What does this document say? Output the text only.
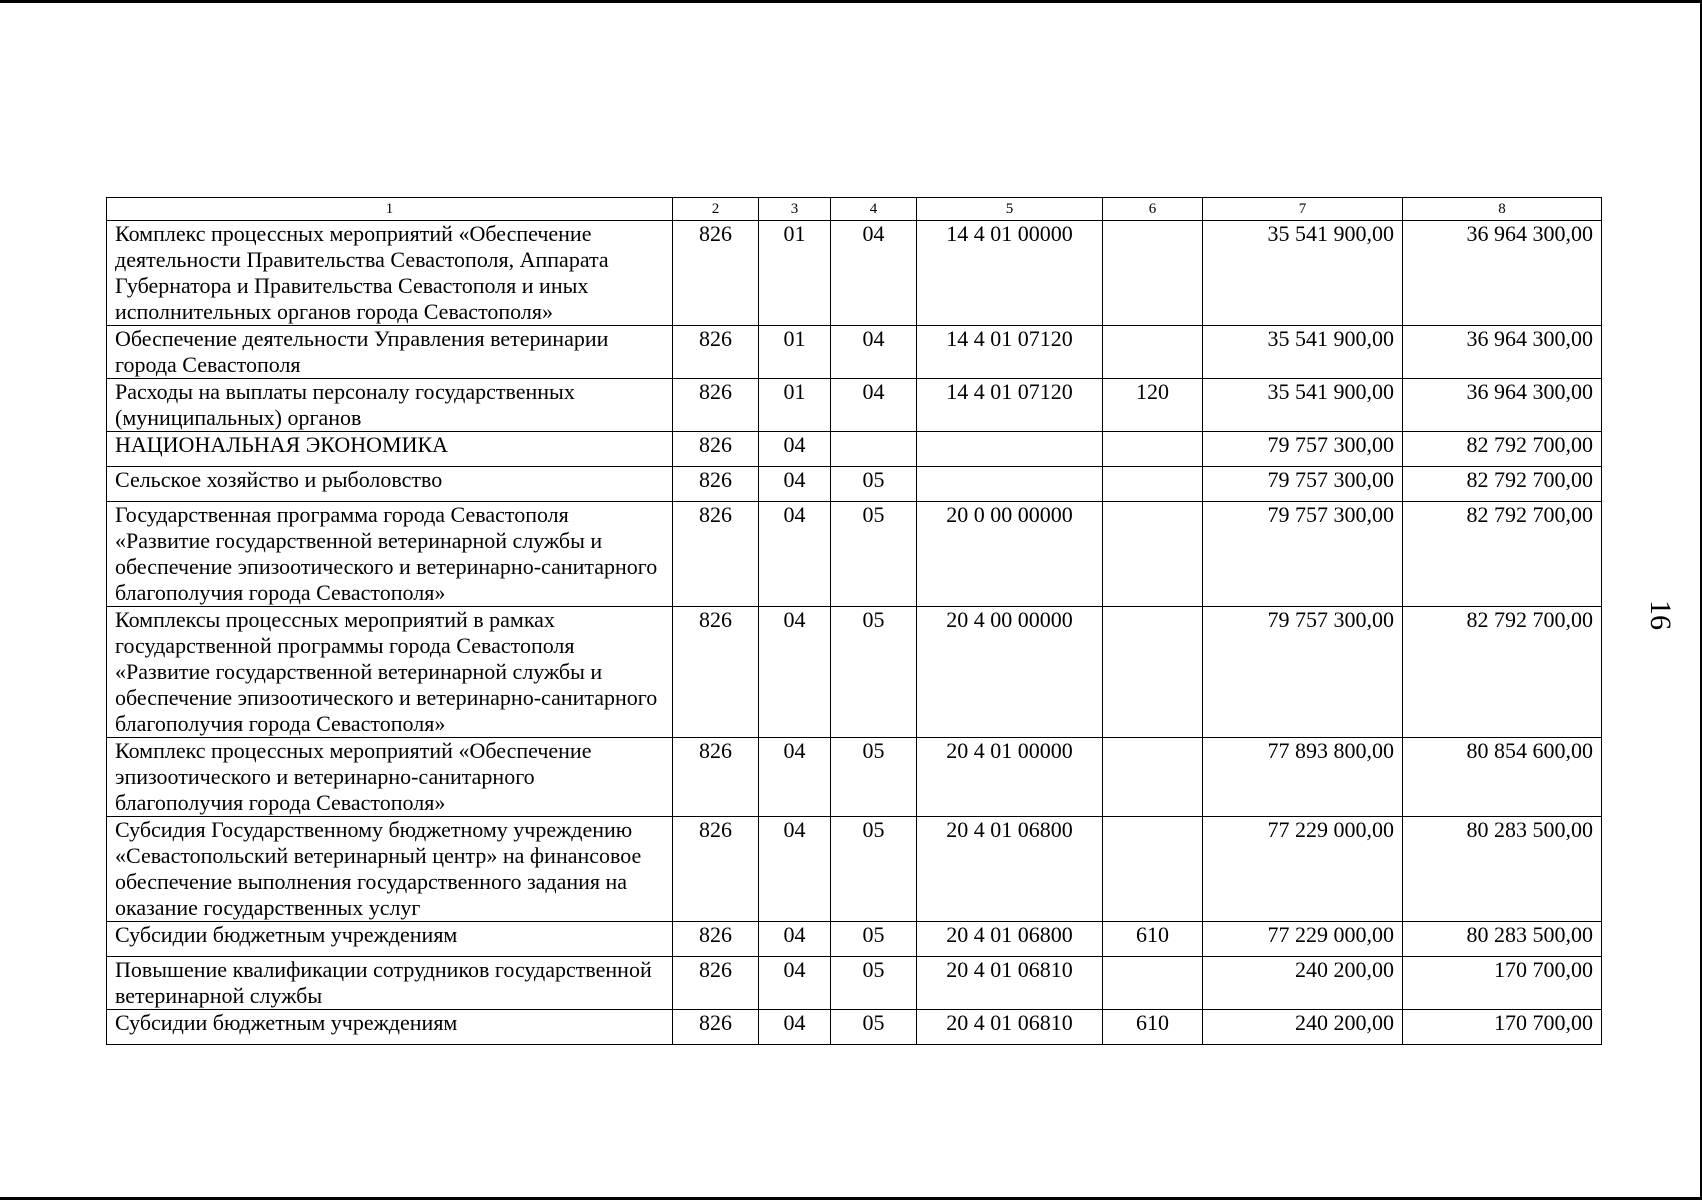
1	2	3	4	5	6	7	8
Комплекс процессных мероприятий «Обеспечение деятельности Правительства Севастополя, Аппарата Губернатора и Правительства Севастополя и иных исполнительных органов города Севастополя»	826	01	04	14 4 01 00000		35 541 900,00	36 964 300,00
Обеспечение деятельности Управления ветеринарии города Севастополя	826	01	04	14 4 01 07120		35 541 900,00	36 964 300,00
Расходы на выплаты персоналу государственных (муниципальных) органов	826	01	04	14 4 01 07120	120	35 541 900,00	36 964 300,00
НАЦИОНАЛЬНАЯ ЭКОНОМИКА	826	04				79 757 300,00	82 792 700,00
Сельское хозяйство и рыболовство	826	04	05			79 757 300,00	82 792 700,00
Государственная программа города Севастополя «Развитие государственной ветеринарной службы и обеспечение эпизоотического и ветеринарно-санитарного благополучия города Севастополя»	826	04	05	20 0 00 00000		79 757 300,00	82 792 700,00
Комплексы процессных мероприятий в рамках государственной программы города Севастополя «Развитие государственной ветеринарной службы и обеспечение эпизоотического и ветеринарно-санитарного благополучия города Севастополя»	826	04	05	20 4 00 00000		79 757 300,00	82 792 700,00
Комплекс процессных мероприятий «Обеспечение эпизоотического и ветеринарно-санитарного благополучия города Севастополя»	826	04	05	20 4 01 00000		77 893 800,00	80 854 600,00
Субсидия Государственному бюджетному учреждению «Севастопольский ветеринарный центр» на финансовое обеспечение выполнения государственного задания на оказание государственных услуг	826	04	05	20 4 01 06800		77 229 000,00	80 283 500,00
Субсидии бюджетным учреждениям	826	04	05	20 4 01 06800	610	77 229 000,00	80 283 500,00
Повышение квалификации сотрудников государственной ветеринарной службы	826	04	05	20 4 01 06810		240 200,00	170 700,00
Субсидии бюджетным учреждениям	826	04	05	20 4 01 06810	610	240 200,00	170 700,00
16
